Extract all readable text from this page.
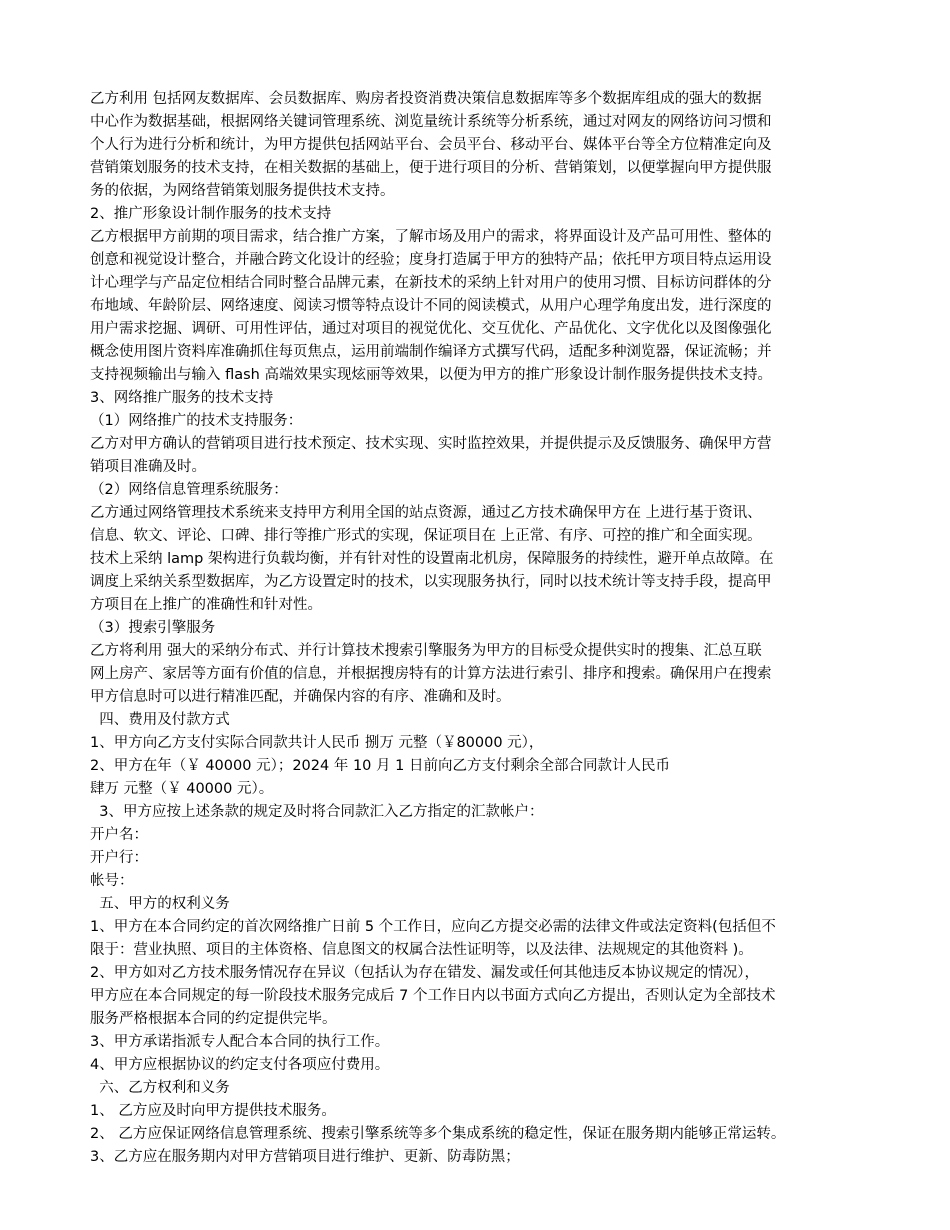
乙方利用 包括网友数据库、会员数据库、购房者投资消费决策信息数据库等多个数据库组成的强大的数据
中心作为数据基础，根据网络关键词管理系统、浏览量统计系统等分析系统，通过对网友的网络访问习惯和
个人行为进行分析和统计，为甲方提供包括网站平台、会员平台、移动平台、媒体平台等全方位精准定向及
营销策划服务的技术支持，在相关数据的基础上，便于进行项目的分析、营销策划，以便掌握向甲方提供服
务的依据，为网络营销策划服务提供技术支持。
2、推广形象设计制作服务的技术支持
乙方根据甲方前期的项目需求，结合推广方案，了解市场及用户的需求，将界面设计及产品可用性、整体的
创意和视觉设计整合，并融合跨文化设计的经验；度身打造属于甲方的独特产品；依托甲方项目特点运用设
计心理学与产品定位相结合同时整合品牌元素，在新技术的采纳上针对用户的使用习惯、目标访问群体的分
布地域、年龄阶层、网络速度、阅读习惯等特点设计不同的阅读模式，从用户心理学角度出发，进行深度的
用户需求挖掘、调研、可用性评估，通过对项目的视觉优化、交互优化、产品优化、文字优化以及图像强化
概念使用图片资料库准确抓住每页焦点，运用前端制作编译方式撰写代码，适配多种浏览器，保证流畅；并
支持视频输出与输入 flash 高端效果实现炫丽等效果，以便为甲方的推广形象设计制作服务提供技术支持。
3、网络推广服务的技术支持
（1）网络推广的技术支持服务：
乙方对甲方确认的营销项目进行技术预定、技术实现、实时监控效果，并提供提示及反馈服务、确保甲方营
销项目准确及时。
（2）网络信息管理系统服务：
乙方通过网络管理技术系统来支持甲方利用全国的站点资源，通过乙方技术确保甲方在 上进行基于资讯、
信息、软文、评论、口碑、排行等推广形式的实现，保证项目在 上正常、有序、可控的推广和全面实现。
技术上采纳 lamp 架构进行负载均衡，并有针对性的设置南北机房，保障服务的持续性，避开单点故障。在
调度上采纳关系型数据库，为乙方设置定时的技术，以实现服务执行，同时以技术统计等支持手段，提高甲
方项目在上推广的准确性和针对性。
（3）搜索引擎服务
乙方将利用 强大的采纳分布式、并行计算技术搜索引擎服务为甲方的目标受众提供实时的搜集、汇总互联
网上房产、家居等方面有价值的信息，并根据搜房特有的计算方法进行索引、排序和搜索。确保用户在搜索
甲方信息时可以进行精准匹配，并确保内容的有序、准确和及时。
四、费用及付款方式
1、甲方向乙方支付实际合同款共计人民币 捌万 元整（￥80000 元），
2、甲方在年（￥ 40000 元）；2024 年 10 月 1 日前向乙方支付剩余全部合同款计人民币
肆万 元整（￥ 40000 元）。
3、甲方应按上述条款的规定及时将合同款汇入乙方指定的汇款帐户：
开户名：
开户行：
帐号：
五、甲方的权利义务
1、甲方在本合同约定的首次网络推广日前 5 个工作日，应向乙方提交必需的法律文件或法定资料(包括但不
限于：营业执照、项目的主体资格、信息图文的权属合法性证明等，以及法律、法规规定的其他资料 )。
2、甲方如对乙方技术服务情况存在异议（包括认为存在错发、漏发或任何其他违反本协议规定的情况），
甲方应在本合同规定的每一阶段技术服务完成后 7 个工作日内以书面方式向乙方提出，否则认定为全部技术
服务严格根据本合同的约定提供完毕。
3、甲方承诺指派专人配合本合同的执行工作。
4、甲方应根据协议的约定支付各项应付费用。
六、乙方权利和义务
1、 乙方应及时向甲方提供技术服务。
2、 乙方应保证网络信息管理系统、搜索引擎系统等多个集成系统的稳定性，保证在服务期内能够正常运转。
3、乙方应在服务期内对甲方营销项目进行维护、更新、防毒防黑；
